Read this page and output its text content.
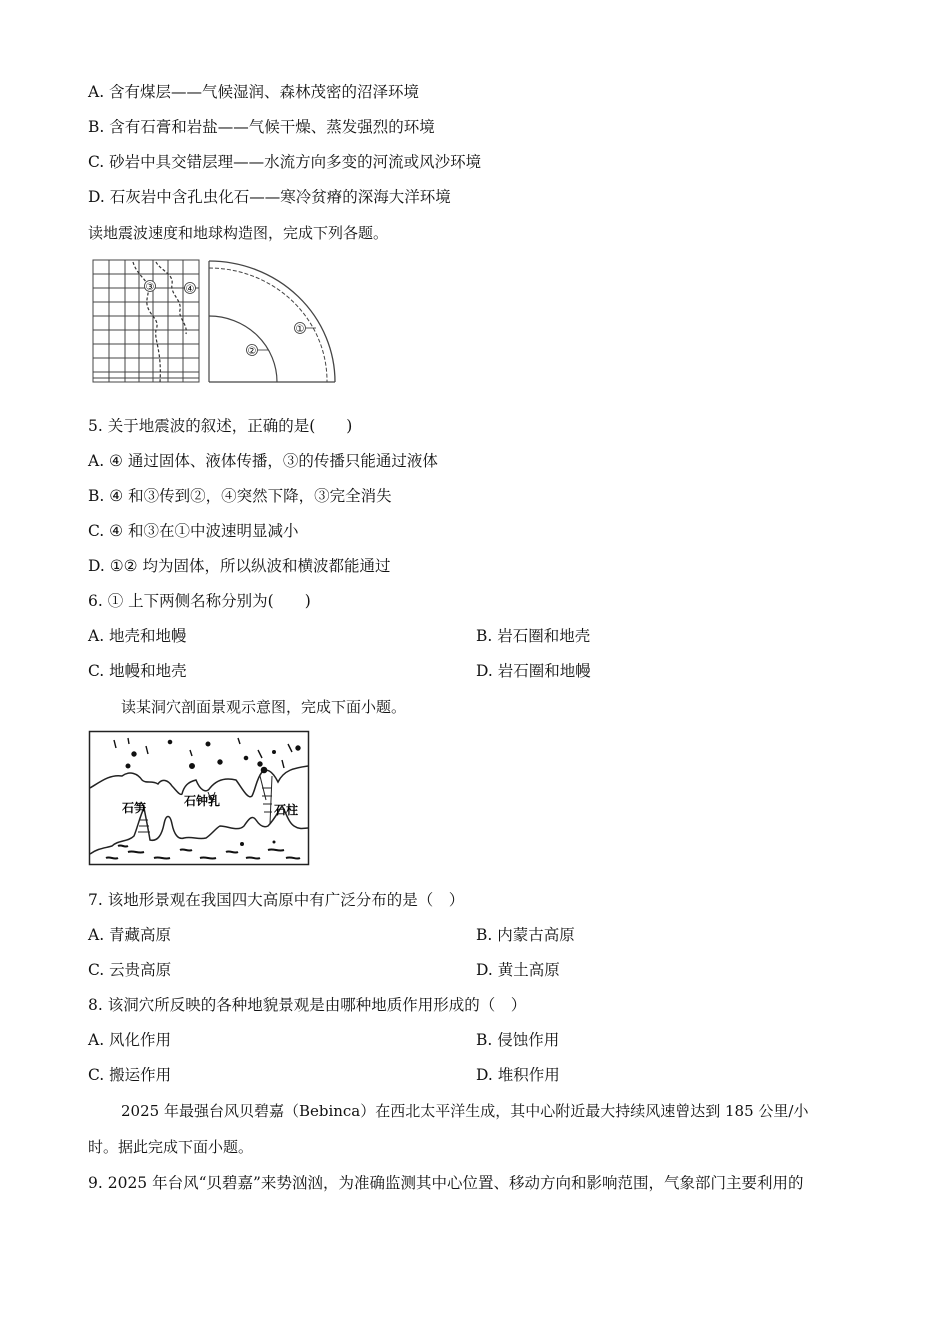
A. 含有煤层——气候湿润、森林茂密的沼泽环境
B. 含有石膏和岩盐——气候干燥、蒸发强烈的环境
C. 砂岩中具交错层理——水流方向多变的河流或风沙环境
D. 石灰岩中含孔虫化石——寒冷贫瘠的深海大洋环境
读地震波速度和地球构造图，完成下列各题。
③	④
①
②
5. 关于地震波的叙述，正确的是(　　)
A. ④ 通过固体、液体传播，③的传播只能通过液体
B. ④ 和③传到②，④突然下降，③完全消失
C. ④ 和③在①中波速明显减小
D. ①② 均为固体，所以纵波和横波都能通过
6. ① 上下两侧名称分别为(　　)
A. 地壳和地幔	B. 岩石圈和地壳
C. 地幔和地壳	D. 岩石圈和地幔
读某洞穴剖面景观示意图，完成下面小题。
石笋	石钟乳
石柱
7. 该地形景观在我国四大高原中有广泛分布的是（　）
A. 青藏高原	B. 内蒙古高原
C. 云贵高原	D. 黄土高原
8. 该洞穴所反映的各种地貌景观是由哪种地质作用形成的（　）
A. 风化作用	B. 侵蚀作用
C. 搬运作用	D. 堆积作用
2025 年最强台风贝碧嘉（Bebinca）在西北太平洋生成，其中心附近最大持续风速曾达到 185 公里/小
时。据此完成下面小题。
9. 2025 年台风“贝碧嘉”来势汹汹，为准确监测其中心位置、移动方向和影响范围，气象部门主要利用的
